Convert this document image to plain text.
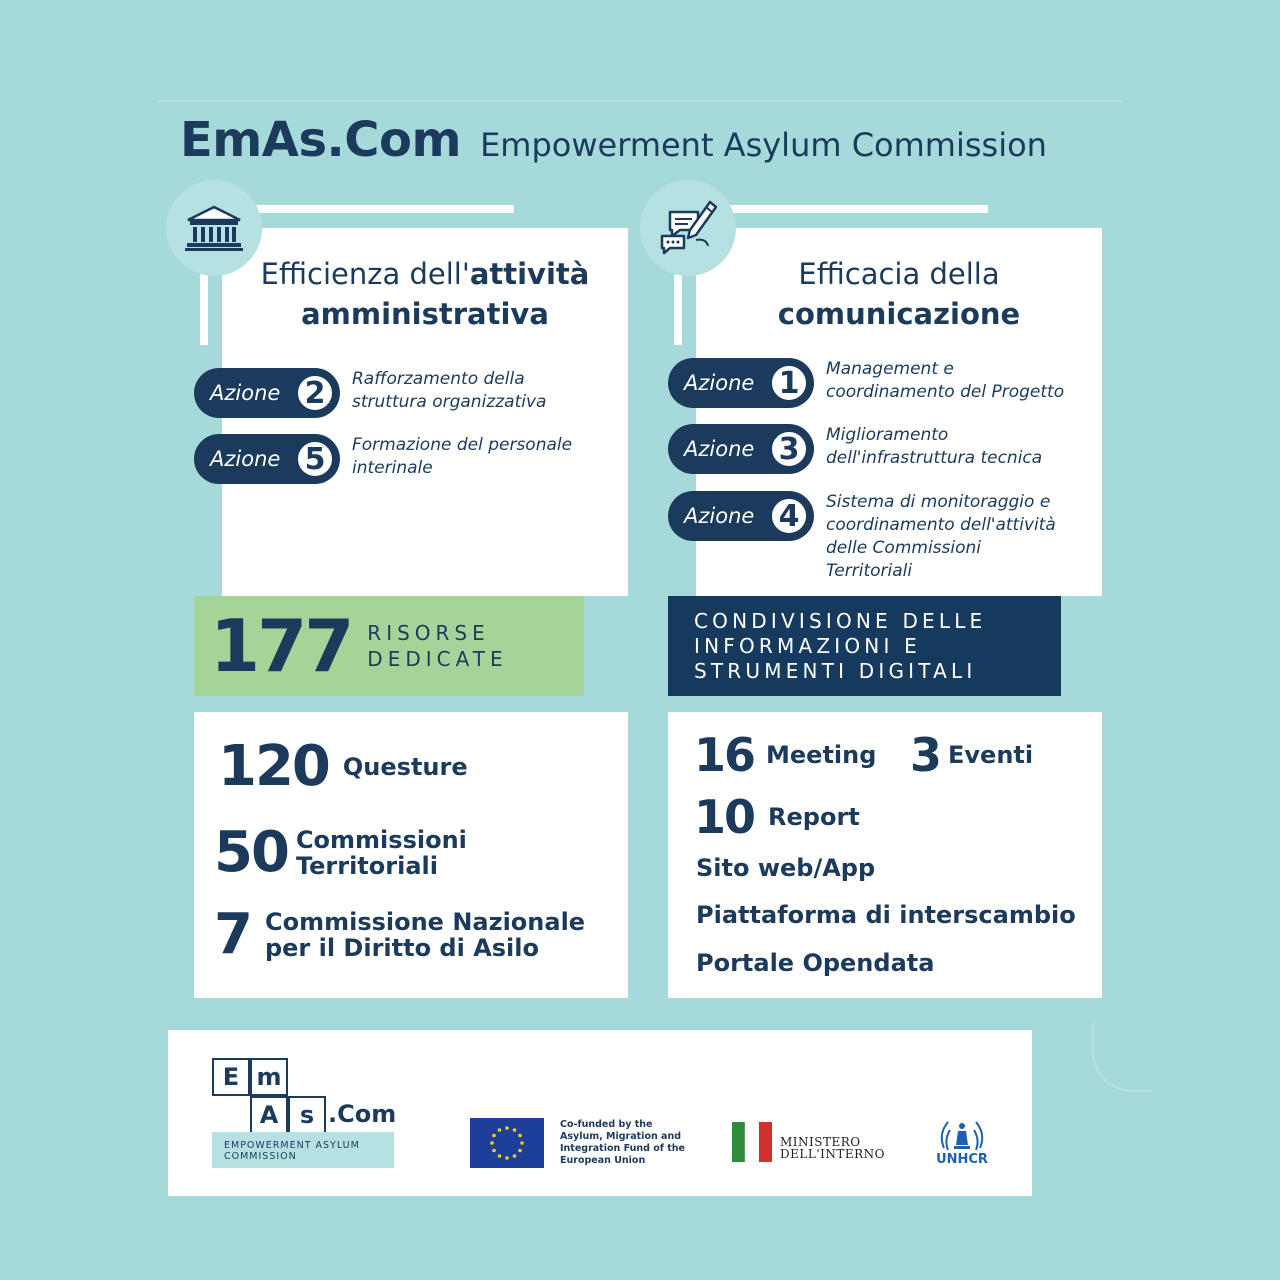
EmAs.Com Empowerment Asylum Commission
Efficienza dell'attività
amministrativa
Azione 2	Rafforzamento della
struttura organizzativa
Azione 5	Formazione del personale
interinale
177 RISORSE
DEDICATE
120 Questure
50 Commissioni
Territoriali
7 Commissione Nazionale
per il Diritto di Asilo
Efficacia della
comunicazione
Azione 1	Management e
coordinamento del Progetto
Azione 3	Miglioramento
dell'infrastruttura tecnica
Azione 4	Sistema di monitoraggio e
coordinamento dell'attività
delle Commissioni
Territoriali
CONDIVISIONE DELLE
INFORMAZIONI E
STRUMENTI DIGITALI
16 Meeting 3 Eventi
10 Report
Sito web/App
Piattaforma di interscambio
Portale Opendata
E m
A s .Com
EMPOWERMENT ASYLUM
COMMISSION
Co-funded by the
Asylum, Migration and
Integration Fund of the
European Union
MINISTERO
DELL'INTERNO	UNHCR
